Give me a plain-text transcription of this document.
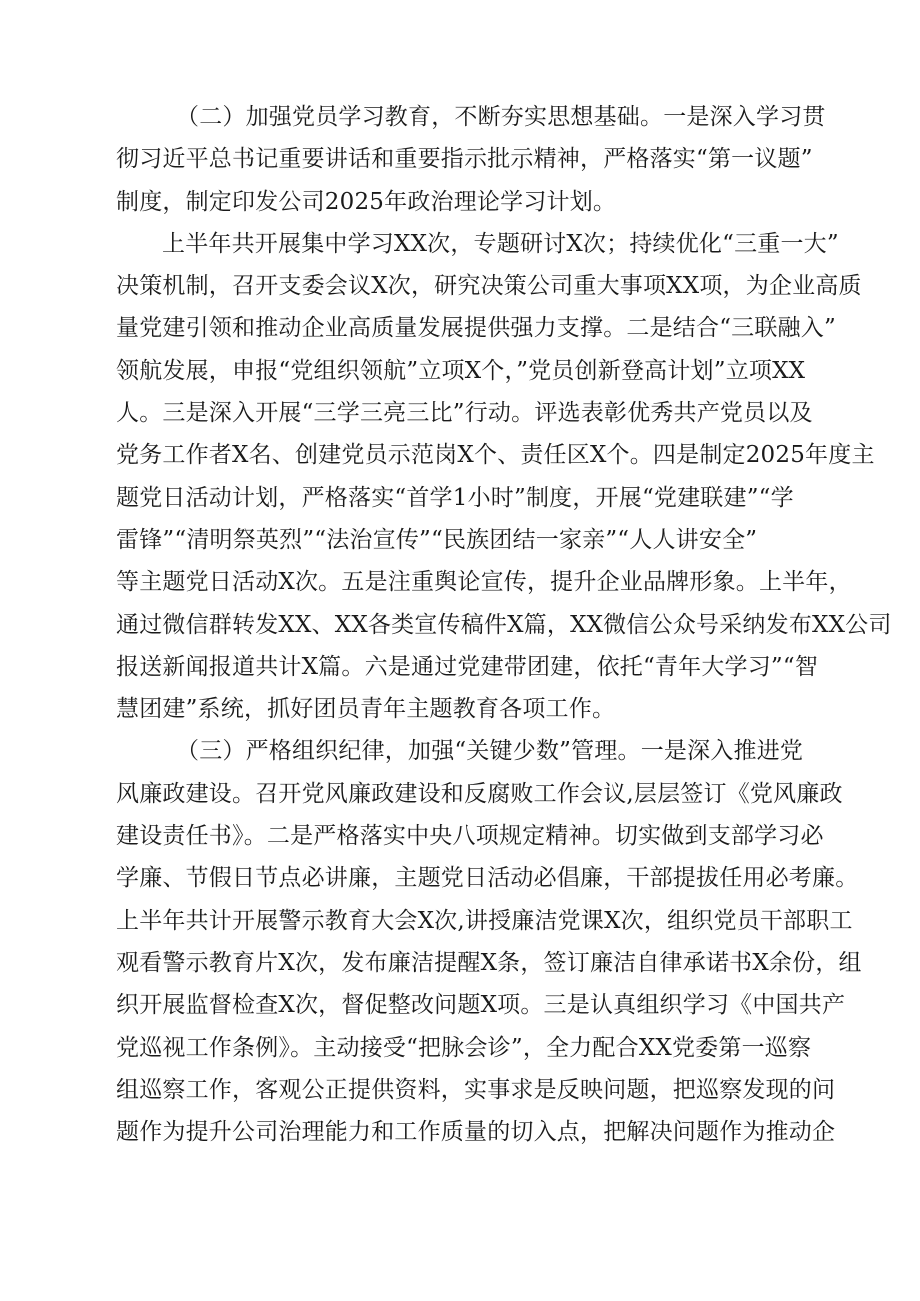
（二）加强党员学习教育，不断夯实思想基础。一是深入学习贯
彻习近平总书记重要讲话和重要指示批示精神，严格落实“第一议题”
制度，制定印发公司2025年政治理论学习计划。
上半年共开展集中学习XX次，专题研讨X次；持续优化“三重一大”
决策机制，召开支委会议X次，研究决策公司重大事项XX项，为企业高质
量党建引领和推动企业高质量发展提供强力支撑。二是结合“三联融入”
领航发展，申报“党组织领航”立项X个，”党员创新登高计划”立项XX
人。三是深入开展“三学三亮三比”行动。评选表彰优秀共产党员以及
党务工作者X名、创建党员示范岗X个、责任区X个。四是制定2025年度主
题党日活动计划，严格落实“首学1小时”制度，开展“党建联建”“学
雷锋”“清明祭英烈”“法治宣传”“民族团结一家亲”“人人讲安全”
等主题党日活动X次。五是注重舆论宣传，提升企业品牌形象。上半年，
通过微信群转发XX、XX各类宣传稿件X篇，XX微信公众号采纳发布XX公司
报送新闻报道共计X篇。六是通过党建带团建，依托“青年大学习”“智
慧团建”系统，抓好团员青年主题教育各项工作。
（三）严格组织纪律，加强“关键少数”管理。一是深入推进党
风廉政建设。召开党风廉政建设和反腐败工作会议,层层签订《党风廉政
建设责任书》。二是严格落实中央八项规定精神。切实做到支部学习必
学廉、节假日节点必讲廉，主题党日活动必倡廉，干部提拔任用必考廉。
上半年共计开展警示教育大会X次,讲授廉洁党课X次，组织党员干部职工
观看警示教育片X次，发布廉洁提醒X条，签订廉洁自律承诺书X余份，组
织开展监督检查X次，督促整改问题X项。三是认真组织学习《中国共产
党巡视工作条例》。主动接受“把脉会诊”，全力配合XX党委第一巡察
组巡察工作，客观公正提供资料，实事求是反映问题，把巡察发现的问
题作为提升公司治理能力和工作质量的切入点，把解决问题作为推动企
